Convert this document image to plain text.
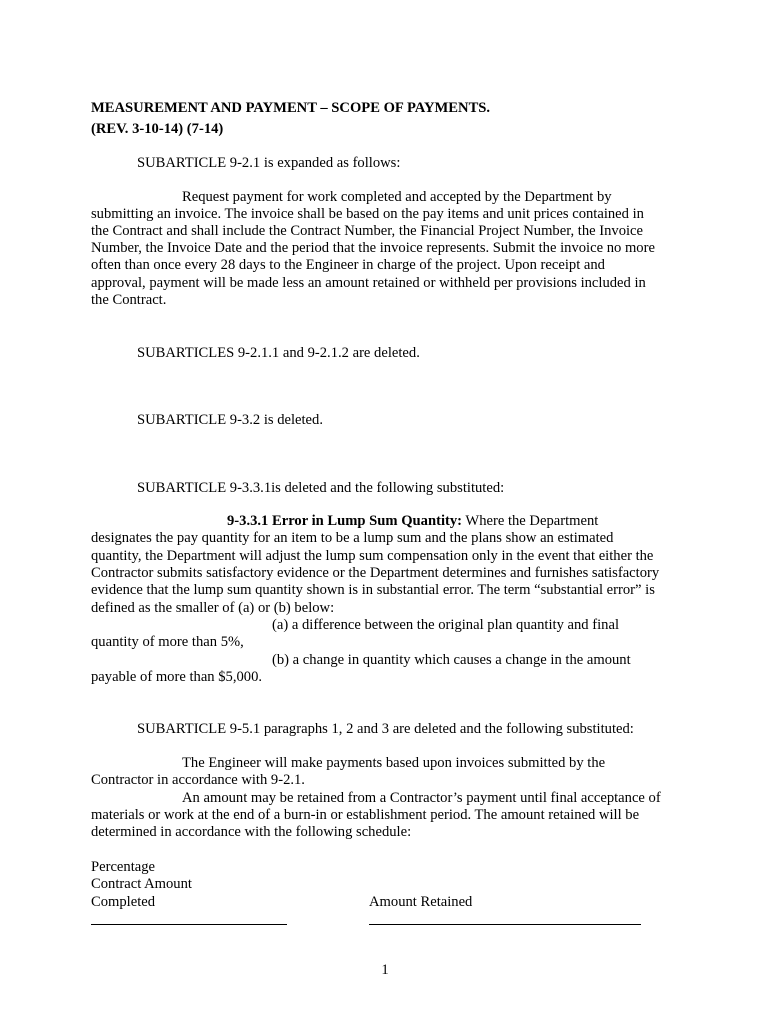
MEASUREMENT AND PAYMENT – SCOPE OF PAYMENTS.

(REV. 3-10-14) (7-14)

SUBARTICLE 9-2.1 is expanded as follows:

Request payment for work completed and accepted by the Department by

submitting an invoice. The invoice shall be based on the pay items and unit prices contained in

the Contract and shall include the Contract Number, the Financial Project Number, the Invoice

Number, the Invoice Date and the period that the invoice represents. Submit the invoice no more

often than once every 28 days to the Engineer in charge of the project. Upon receipt and

approval, payment will be made less an amount retained or withheld per provisions included in

the Contract.

SUBARTICLES 9-2.1.1 and 9-2.1.2 are deleted.

SUBARTICLE 9-3.2 is deleted.

SUBARTICLE 9-3.3.1is deleted and the following substituted:

9-3.3.1 Error in Lump Sum Quantity: Where the Department

designates the pay quantity for an item to be a lump sum and the plans show an estimated

quantity, the Department will adjust the lump sum compensation only in the event that either the

Contractor submits satisfactory evidence or the Department determines and furnishes satisfactory

evidence that the lump sum quantity shown is in substantial error. The term “substantial error” is

defined as the smaller of (a) or (b) below:

(a) a difference between the original plan quantity and final

quantity of more than 5%,

(b) a change in quantity which causes a change in the amount

payable of more than $5,000.

SUBARTICLE 9-5.1 paragraphs 1, 2 and 3 are deleted and the following substituted:

The Engineer will make payments based upon invoices submitted by the

Contractor in accordance with 9-2.1.

An amount may be retained from a Contractor’s payment until final acceptance of

materials or work at the end of a burn-in or establishment period. The amount retained will be

determined in accordance with the following schedule:

Percentage

Contract Amount

Completed	Amount Retained

1
